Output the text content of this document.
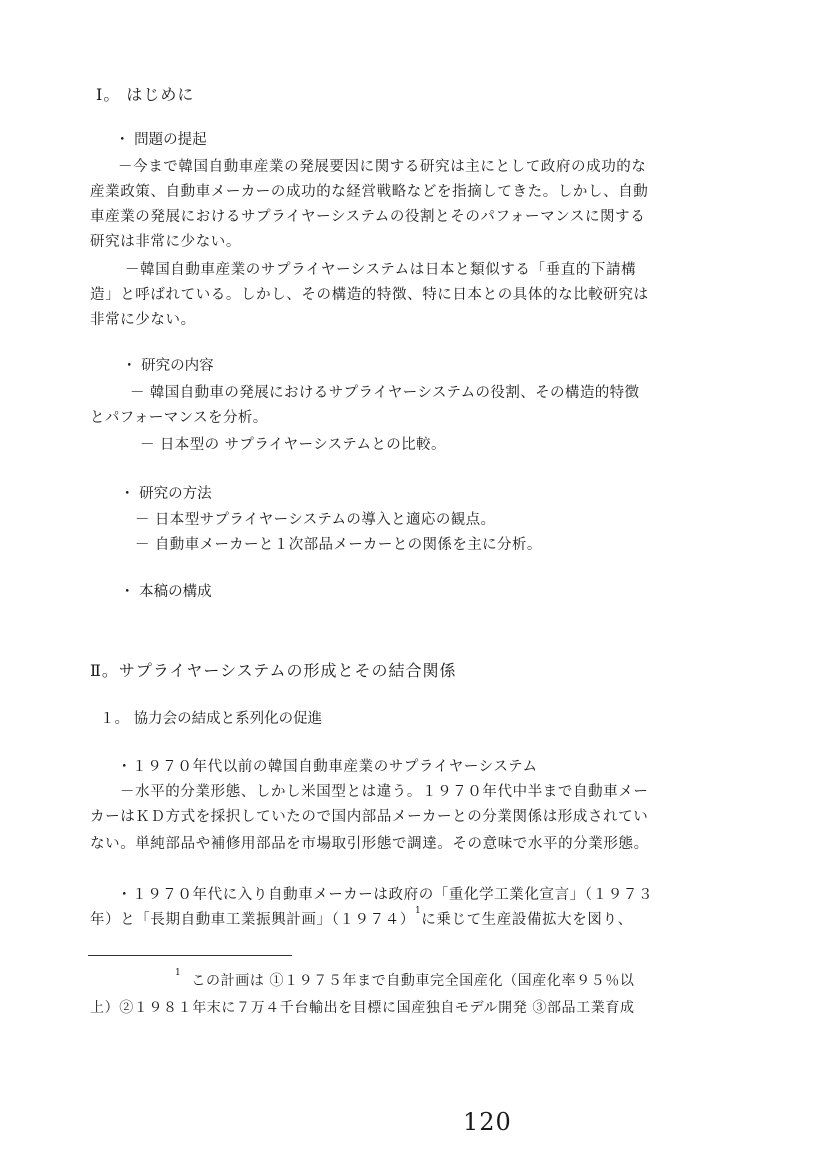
Ⅰ。 はじめに
・ 問題の提起
－今まで韓国自動車産業の発展要因に関する研究は主にとして政府の成功的な
産業政策、自動車メーカーの成功的な経営戦略などを指摘してきた。しかし、自動
車産業の発展におけるサプライヤーシステムの役割とそのパフォーマンスに関する
研究は非常に少ない。
－韓国自動車産業のサプライヤーシステムは日本と類似する「垂直的下請構
造」と呼ばれている。しかし、その構造的特徴、特に日本との具体的な比較研究は
非常に少ない。
・ 研究の内容
－ 韓国自動車の発展におけるサプライヤーシステムの役割、その構造的特徴
とパフォーマンスを分析。
－ 日本型の サプライヤーシステムとの比較。
・ 研究の方法
－ 日本型サプライヤーシステムの導入と適応の観点。
－ 自動車メーカーと１次部品メーカーとの関係を主に分析。
・ 本稿の構成
Ⅱ。サプライヤーシステムの形成とその結合関係
１。 協力会の結成と系列化の促進
・１９７０年代以前の韓国自動車産業のサプライヤーシステム
－水平的分業形態、しかし米国型とは違う。１９７０年代中半まで自動車メー
カーはＫＤ方式を採択していたので国内部品メーカーとの分業関係は形成されてい
ない。単純部品や補修用部品を市場取引形態で調達。その意味で水平的分業形態。
・１９７０年代に入り自動車メーカーは政府の「重化学工業化宣言」（１９７３
年）と「長期自動車工業振興計画」$(1974)^1$に乗じて生産設備拡大を図り、
$^1$ この計画は ①１９７５年まで自動車完全国産化（国産化率９５％以
上）②１９８１年末に７万４千台輸出を目標に国産独自モデル開発 ③部品工業育成
120
